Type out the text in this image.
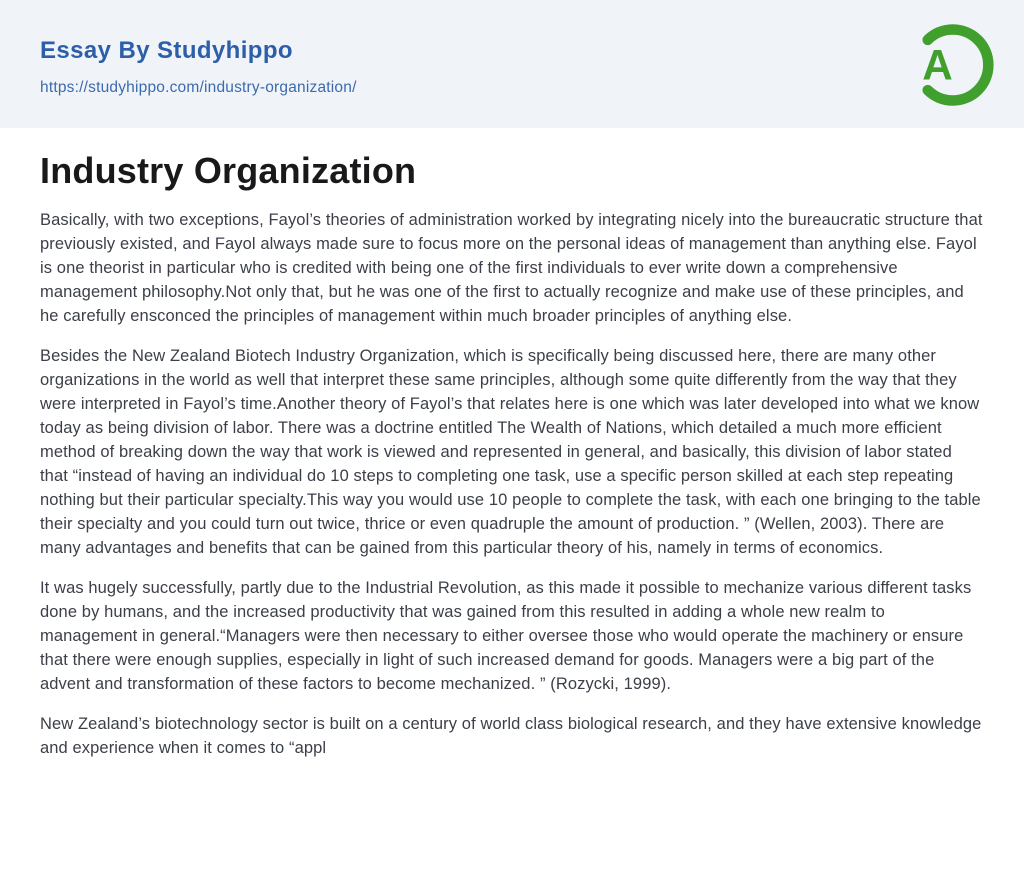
Essay By Studyhippo
https://studyhippo.com/industry-organization/	A
Industry Organization

Basically, with two exceptions, Fayol’s theories of administration worked by integrating nicely into the bureaucratic structure that previously existed, and Fayol always made sure to focus more on the personal ideas of management than anything else. Fayol is one theorist in particular who is credited with being one of the first individuals to ever write down a comprehensive management philosophy.Not only that, but he was one of the first to actually recognize and make use of these principles, and he carefully ensconced the principles of management within much broader principles of anything else.

Besides the New Zealand Biotech Industry Organization, which is specifically being discussed here, there are many other organizations in the world as well that interpret these same principles, although some quite differently from the way that they were interpreted in Fayol’s time.Another theory of Fayol’s that relates here is one which was later developed into what we know today as being division of labor. There was a doctrine entitled The Wealth of Nations, which detailed a much more efficient method of breaking down the way that work is viewed and represented in general, and basically, this division of labor stated that “instead of having an individual do 10 steps to completing one task, use a specific person skilled at each step repeating nothing but their particular specialty.This way you would use 10 people to complete the task, with each one bringing to the table their specialty and you could turn out twice, thrice or even quadruple the amount of production. ” (Wellen, 2003). There are many advantages and benefits that can be gained from this particular theory of his, namely in terms of economics.

It was hugely successfully, partly due to the Industrial Revolution, as this made it possible to mechanize various different tasks done by humans, and the increased productivity that was gained from this resulted in adding a whole new realm to management in general.“Managers were then necessary to either oversee those who would operate the machinery or ensure that there were enough supplies, especially in light of such increased demand for goods. Managers were a big part of the advent and transformation of these factors to become mechanized. ” (Rozycki, 1999).

New Zealand’s biotechnology sector is built on a century of world class biological research, and they have extensive knowledge and experience when it comes to “appl
